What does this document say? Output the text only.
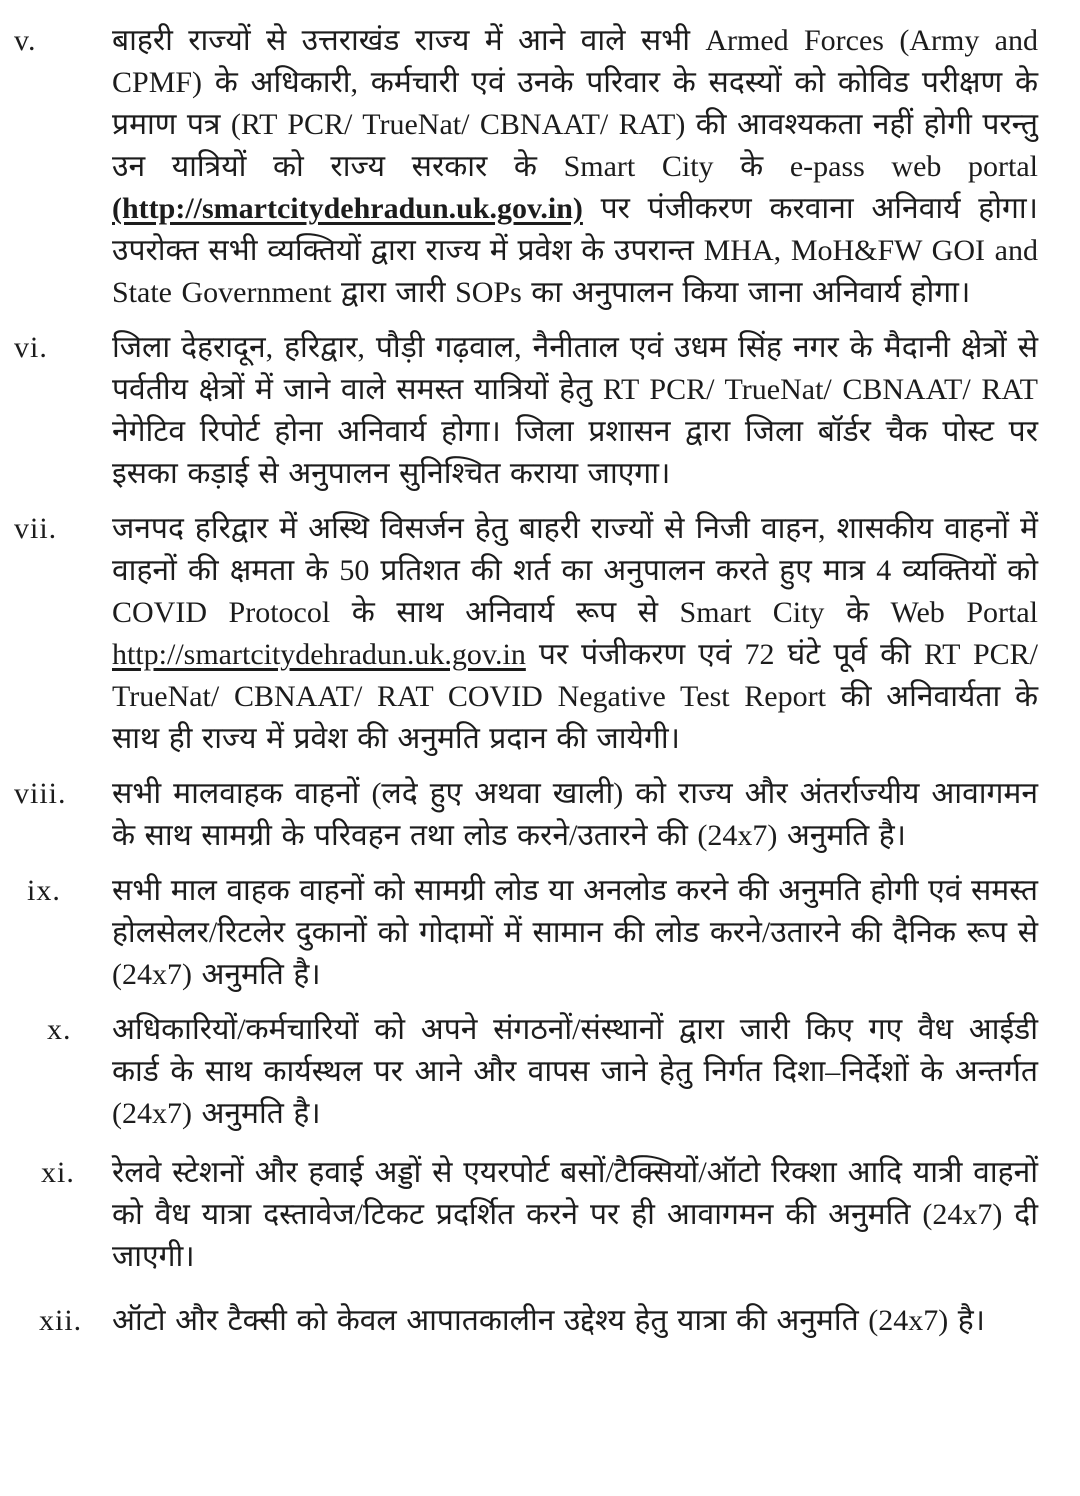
v.	बाहरी राज्यों से उत्तराखंड राज्य में आने वाले सभी Armed Forces (Army and CPMF) के अधिकारी, कर्मचारी एवं उनके परिवार के सदस्यों को कोविड परीक्षण के प्रमाण पत्र (RT PCR/ TrueNat/ CBNAAT/ RAT) की आवश्यकता नहीं होगी परन्तु उन यात्रियों को राज्य सरकार के Smart City के e-pass web portal (http://smartcitydehradun.uk.gov.in) पर पंजीकरण करवाना अनिवार्य होगा। उपरोक्त सभी व्यक्तियों द्वारा राज्य में प्रवेश के उपरान्त MHA, MoH&FW GOI and State Government द्वारा जारी SOPs का अनुपालन किया जाना अनिवार्य होगा।

vi.	जिला देहरादून, हरिद्वार, पौड़ी गढ़वाल, नैनीताल एवं उधम सिंह नगर के मैदानी क्षेत्रों से पर्वतीय क्षेत्रों में जाने वाले समस्त यात्रियों हेतु RT PCR/ TrueNat/ CBNAAT/ RAT नेगेटिव रिपोर्ट होना अनिवार्य होगा। जिला प्रशासन द्वारा जिला बॉर्डर चैक पोस्ट पर इसका कड़ाई से अनुपालन सुनिश्चित कराया जाएगा।

vii.	जनपद हरिद्वार में अस्थि विसर्जन हेतु बाहरी राज्यों से निजी वाहन, शासकीय वाहनों में वाहनों की क्षमता के 50 प्रतिशत की शर्त का अनुपालन करते हुए मात्र 4 व्यक्तियों को COVID Protocol के साथ अनिवार्य रूप से Smart City के Web Portal http://smartcitydehradun.uk.gov.in पर पंजीकरण एवं 72 घंटे पूर्व की RT PCR/ TrueNat/ CBNAAT/ RAT COVID Negative Test Report की अनिवार्यता के साथ ही राज्य में प्रवेश की अनुमति प्रदान की जायेगी।

viii.	सभी मालवाहक वाहनों (लदे हुए अथवा खाली) को राज्य और अंतर्राज्यीय आवागमन के साथ सामग्री के परिवहन तथा लोड करने/उतारने की (24x7) अनुमति है।

ix.	सभी माल वाहक वाहनों को सामग्री लोड या अनलोड करने की अनुमति होगी एवं समस्त होलसेलर/रिटलेर दुकानों को गोदामों में सामान की लोड करने/उतारने की दैनिक रूप से (24x7) अनुमति है।

x.	अधिकारियों/कर्मचारियों को अपने संगठनों/संस्थानों द्वारा जारी किए गए वैध आईडी कार्ड के साथ कार्यस्थल पर आने और वापस जाने हेतु निर्गत दिशा–निर्देशों के अन्तर्गत (24x7) अनुमति है।

xi.	रेलवे स्टेशनों और हवाई अड्डों से एयरपोर्ट बसों/टैक्सियों/ऑटो रिक्शा आदि यात्री वाहनों को वैध यात्रा दस्तावेज/टिकट प्रदर्शित करने पर ही आवागमन की अनुमति (24x7) दी जाएगी।

xii. ऑटो और टैक्सी को केवल आपातकालीन उद्देश्य हेतु यात्रा की अनुमति (24x7) है।
